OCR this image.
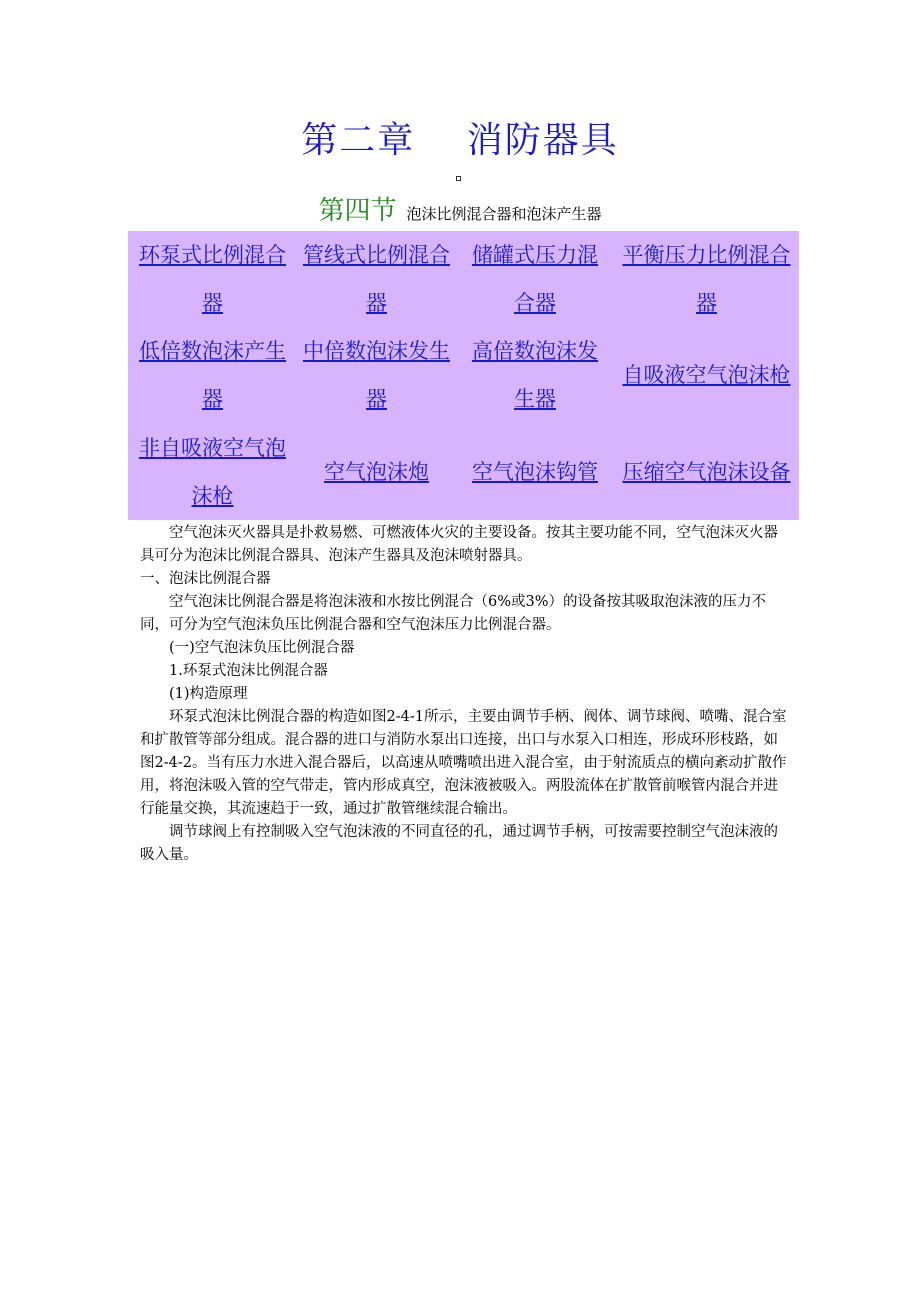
第二章　 消防器具
第四节 泡沫比例混合器和泡沫产生器
环泵式比例混合器
管线式比例混合器
储罐式压力混合器
平衡压力比例混合器
低倍数泡沫产生器
中倍数泡沫发生器
高倍数泡沫发生器
自吸液空气泡沫枪
非自吸液空气泡沫枪
空气泡沫炮 空气泡沫钩管 压缩空气泡沫设备

空气泡沫灭火器具是扑救易燃、可燃液体火灾的主要设备。按其主要功能不同，空气泡沫灭火器具可分为泡沫比例混合器具、泡沫产生器具及泡沫喷射器具。

一、泡沫比例混合器

空气泡沫比例混合器是将泡沫液和水按比例混合（6%或3%）的设备按其吸取泡沫液的压力不同，可分为空气泡沫负压比例混合器和空气泡沫压力比例混合器。

(一)空气泡沫负压比例混合器

1.环泵式泡沫比例混合器

(1)构造原理

环泵式泡沫比例混合器的构造如图2-4-1所示，主要由调节手柄、阀体、调节球阀、喷嘴、混合室和扩散管等部分组成。混合器的进口与消防水泵出口连接，出口与水泵入口相连，形成环形枝路，如图2-4-2。当有压力水进入混合器后，以高速从喷嘴喷出进入混合室，由于射流质点的横向紊动扩散作用，将泡沫吸入管的空气带走，管内形成真空，泡沫液被吸入。两股流体在扩散管前喉管内混合并进行能量交换，其流速趋于一致，通过扩散管继续混合输出。

调节球阀上有控制吸入空气泡沫液的不同直径的孔，通过调节手柄，可按需要控制空气泡沫液的吸入量。
